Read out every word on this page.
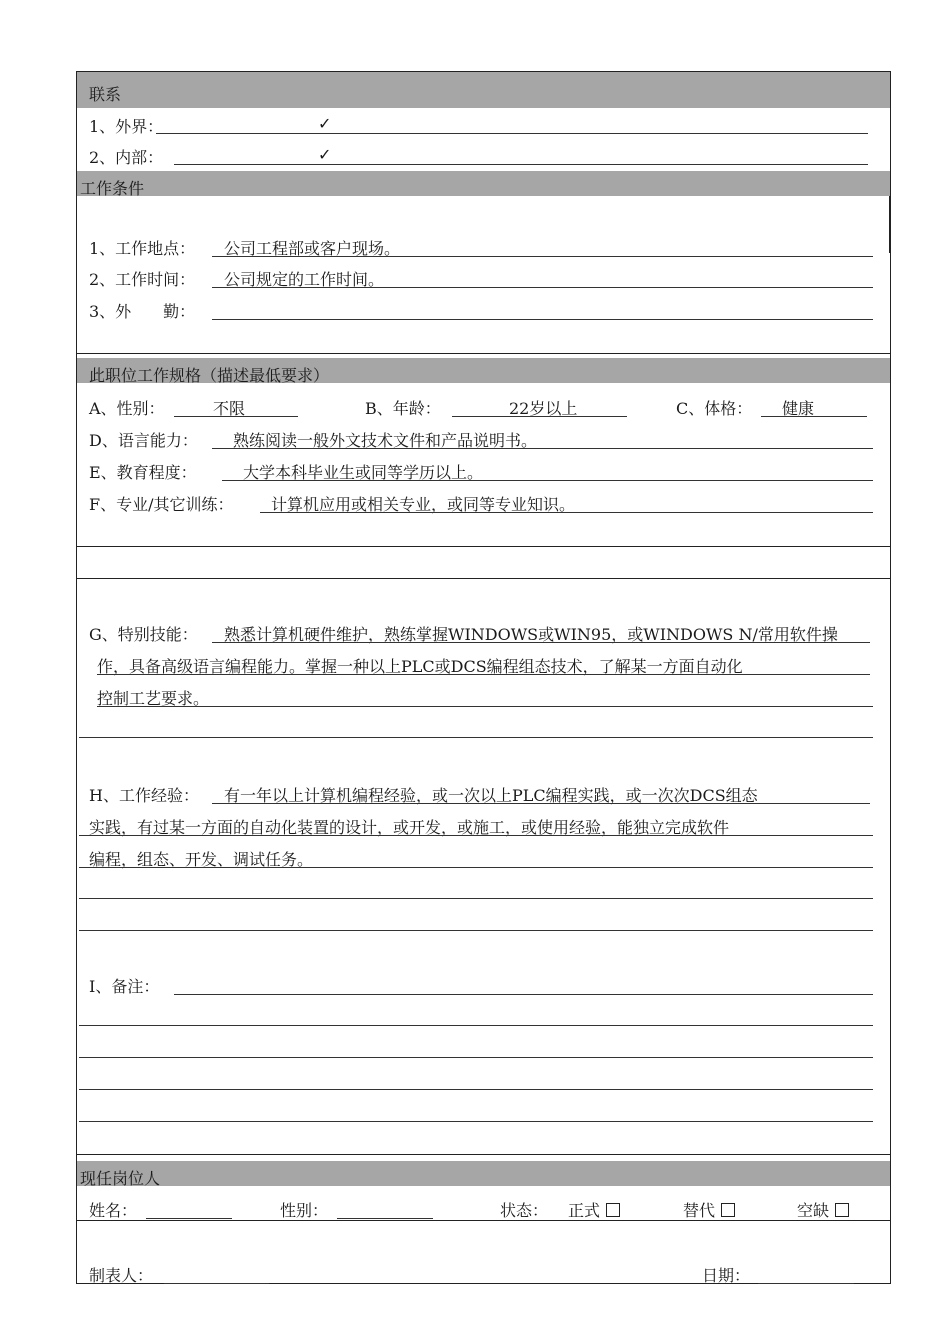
联系
1、外界：	✓
2、内部：	✓
工作条件
1、工作地点： 公司工程部或客户现场。
2、工作时间： 公司规定的工作时间。
3、外　　勤：
此职位工作规格（描述最低要求）
A、性别：	不限	B、年龄：	22岁以上	C、体格： 健康
D、语言能力： 熟练阅读一般外文技术文件和产品说明书。
E、教育程度：	大学本科毕业生或同等学历以上。
F、专业/其它训练： 计算机应用或相关专业，或同等专业知识。
G、特别技能： 熟悉计算机硬件维护，熟练掌握WINDOWS或WIN95，或WINDOWS N/常用软件操
作，具备高级语言编程能力。掌握一种以上PLC或DCS编程组态技术，了解某一方面自动化
控制工艺要求。
H、工作经验： 有一年以上计算机编程经验，或一次以上PLC编程实践，或一次次DCS组态
实践，有过某一方面的自动化装置的设计，或开发，或施工，或使用经验，能独立完成软件
编程，组态、开发、调试任务。
I、备注：
现任岗位人
姓名：	性别：	状态： 正式	替代	空缺
制表人：	日期：
